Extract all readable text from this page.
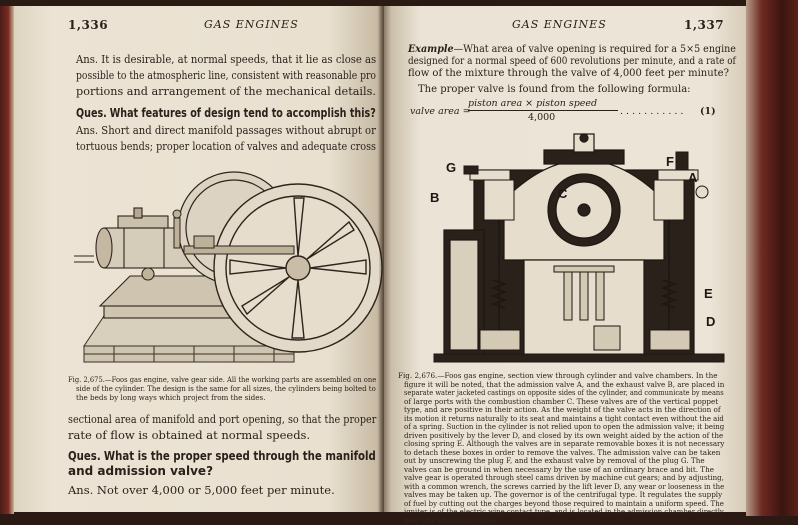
1,336	GAS ENGINES
Ans. It is desirable, at normal speeds, that it lie as close as
possible to the atmospheric line, consistent with reasonable pro
portions and arrangement of the mechanical details.
Ques. What features of design tend to accomplish this?
Ans. Short and direct manifold passages without abrupt or
tortuous bends; proper location of valves and adequate cross
Fig. 2,675.—Foos gas engine, valve gear side. All the working parts are assembled on one
side of the cylinder. The design is the same for all sizes, the cylinders being bolted to
the beds by long ways which project from the sides.
sectional area of manifold and port opening, so that the proper
rate of flow is obtained at normal speeds.
Ques. What is the proper speed through the manifold
and admission valve?
Ans. Not over 4,000 or 5,000 feet per minute.
GAS ENGINES	1,337
Example—What area of valve opening is required for a 5×5 engine
designed for a normal speed of 600 revolutions per minute, and a rate of
flow of the mixture through the valve of 4,000 feet per minute?
The proper valve is found from the following formula:
valve area =
piston area × piston speed
4,000
. . . . . . . . . . . (1)
G	F
B	C
A
E
D
Fig. 2,676.—Foos gas engine, section view through cylinder and valve chambers. In the
figure it will be noted, that the admission valve A, and the exhaust valve B, are placed in
separate water jacketed castings on opposite sides of the cylinder, and communicate by means
of large ports with the combustion chamber C. These valves are of the vertical poppet
type, and are positive in their action. As the weight of the valve acts in the direction of
its motion it returns naturally to its seat and maintains a tight contact even without the aid
of a spring. Suction in the cylinder is not relied upon to open the admission valve; it being
driven positively by the lever D, and closed by its own weight aided by the action of the
closing spring E. Although the valves are in separate removable boxes it is not necessary
to detach these boxes in order to remove the valves. The admission valve can be taken
out by unscrewing the plug F, and the exhaust valve by removal of the plug G. The
valves can be ground in when necessary by the use of an ordinary brace and bit. The
valve gear is operated through steel cams driven by machine cut gears; and by adjusting,
with a common wrench, the screws carried by the lift lever D, any wear or looseness in the
valves may be taken up. The governor is of the centrifugal type. It regulates the supply
of fuel by cutting out the charges beyond those required to maintain a uniform speed. The
igniter is of the electric wipe contact type, and is located in the admission chamber directly
over the admission valve.
